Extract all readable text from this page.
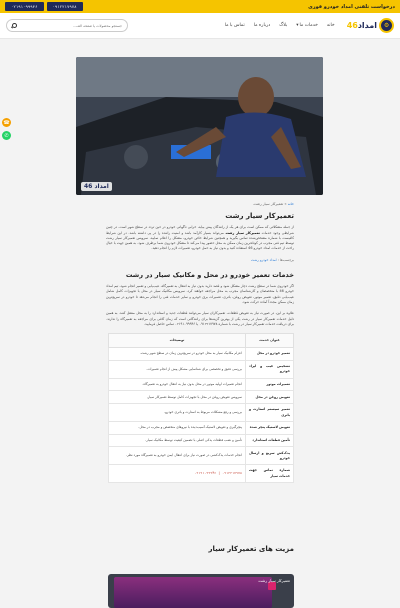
درخواست تلفنی امداد خودرو فوری
۰۲۱۹۱۰۹۹۹۴۶	۰۹۱۲۲۱۷۹۷۸
⚙
امداد46
خانه
خدمات ما
▾
بلاگ
درباره ما
تماس با ما
جستجو محصولات یا صفحه الف...
☎
✆
امداد 46
خانه » تعمیرکار سیار رشت
تعمیرکار سیار رشت

از جمله مشکلاتی که ممکن است برای هر یک از رانندگان پیش بیاید، خرابی ناگهانی خودرو در حین تردد در سطح شهر است. در چنین شرایطی وجود خدمات تعمیرکار سیار رشت می‌تواند بسیار کارآمد باشد و امنیت راننده را در پی داشته باشد. در این شرایط کافیست با شماره مشخص‌شده تماس بگیرید و همچنین شرایط خاص خودرو، مشکل را اعلام نمایید. سرویس تعمیرکار سیار رشت توسط تیم فنی مجرب در کوتاه‌ترین زمان ممکن به محل حضور پیدا می‌کند تا مشکل خودروی شما برطرف شود. به همین جهت با خیال راحت از خدمات امداد خودرو 46 استفاده کنید و بدون نیاز به حمل خودرو، تعمیرات لازم را انجام دهید.

برچسب‌ها : امداد خودرو رشت
خدمات تعمیر خودرو در محل و مکانیک سیار در رشت

اگر خودروی شما در سطح رشت دچار مشکل شود و قصد دارید بدون نیاز به انتقال به تعمیرگاه، عیب‌یابی و تعمیر انجام شود، تیم امداد خودرو 46 با متخصصان و کارشناسان مجرب به محل مراجعه خواهند کرد. سرویس مکانیک سیار در محل با تجهیزات کامل شامل عیب‌یابی دقیق، تعمیر موتور، تعویض روغن، باتری، تعمیرات برق خودرو و سایر خدمات فنی را انجام می‌دهد تا خودرو در سریع‌ترین زمان ممکن مجدداً آماده حرکت شود.

علاوه بر این، در صورت نیاز به تعویض قطعات، تعمیرکاران سیار می‌توانند قطعات جدید و استاندارد را به محل منتقل کنند. به همین دلیل خدمات تعمیرکار سیار در رشت یکی از بهترین گزینه‌ها برای رانندگانی است که زمان کافی برای مراجعه به تعمیرگاه را ندارند. برای دریافت خدمات تعمیرکار سیار در رشت با شماره ۰۹۱۲۲۱۷۹۷۸ یا ۰۲۱۹۱۰۹۹۹۴۶ تماس حاصل فرمایید.

عنوان خدمت	توضیحات
تعمیر خودرو در محل	اعزام مکانیک سیار به محل خودرو در سریع‌ترین زمان در سطح شهر رشت.
تشخیص عیب و ایراد خودرو	بررسی دقیق و تخصصی برای شناسایی مشکل پیش از انجام تعمیرات.
تعمیرات موتور	انجام تعمیرات اولیه موتور در محل بدون نیاز به انتقال خودرو به تعمیرگاه.
تعویض روغن در محل	سرویس تعویض روغن در محل با تجهیزات کامل توسط تعمیرکار سیار.
تعمیر سیستم استارت و باتری	بررسی و رفع مشکلات مربوط به استارت و باتری خودرو.
تعویض لاستیک پنچر شده	پنچرگیری و تعویض لاستیک آسیب‌دیده با نیروهای متخصص و مجرب در محل.
تأمین قطعات استاندارد	تأمین و نصب قطعات یدکی اصلی با تضمین کیفیت توسط مکانیک سیار.
یدک‌کش سریع و ارسال خودرو	انجام خدمات یدک‌کشی در صورت نیاز برای انتقال ایمن خودرو به تعمیرگاه مورد نظر.
شماره تماس جهت خدمات سیار	۰۹۱۲۲۱۷۹۷۸ | ۰۲۱۹۱۰۹۹۹۴۶
مزیت های تعمیرکار سیار
تعمیرکار سیار رشت
